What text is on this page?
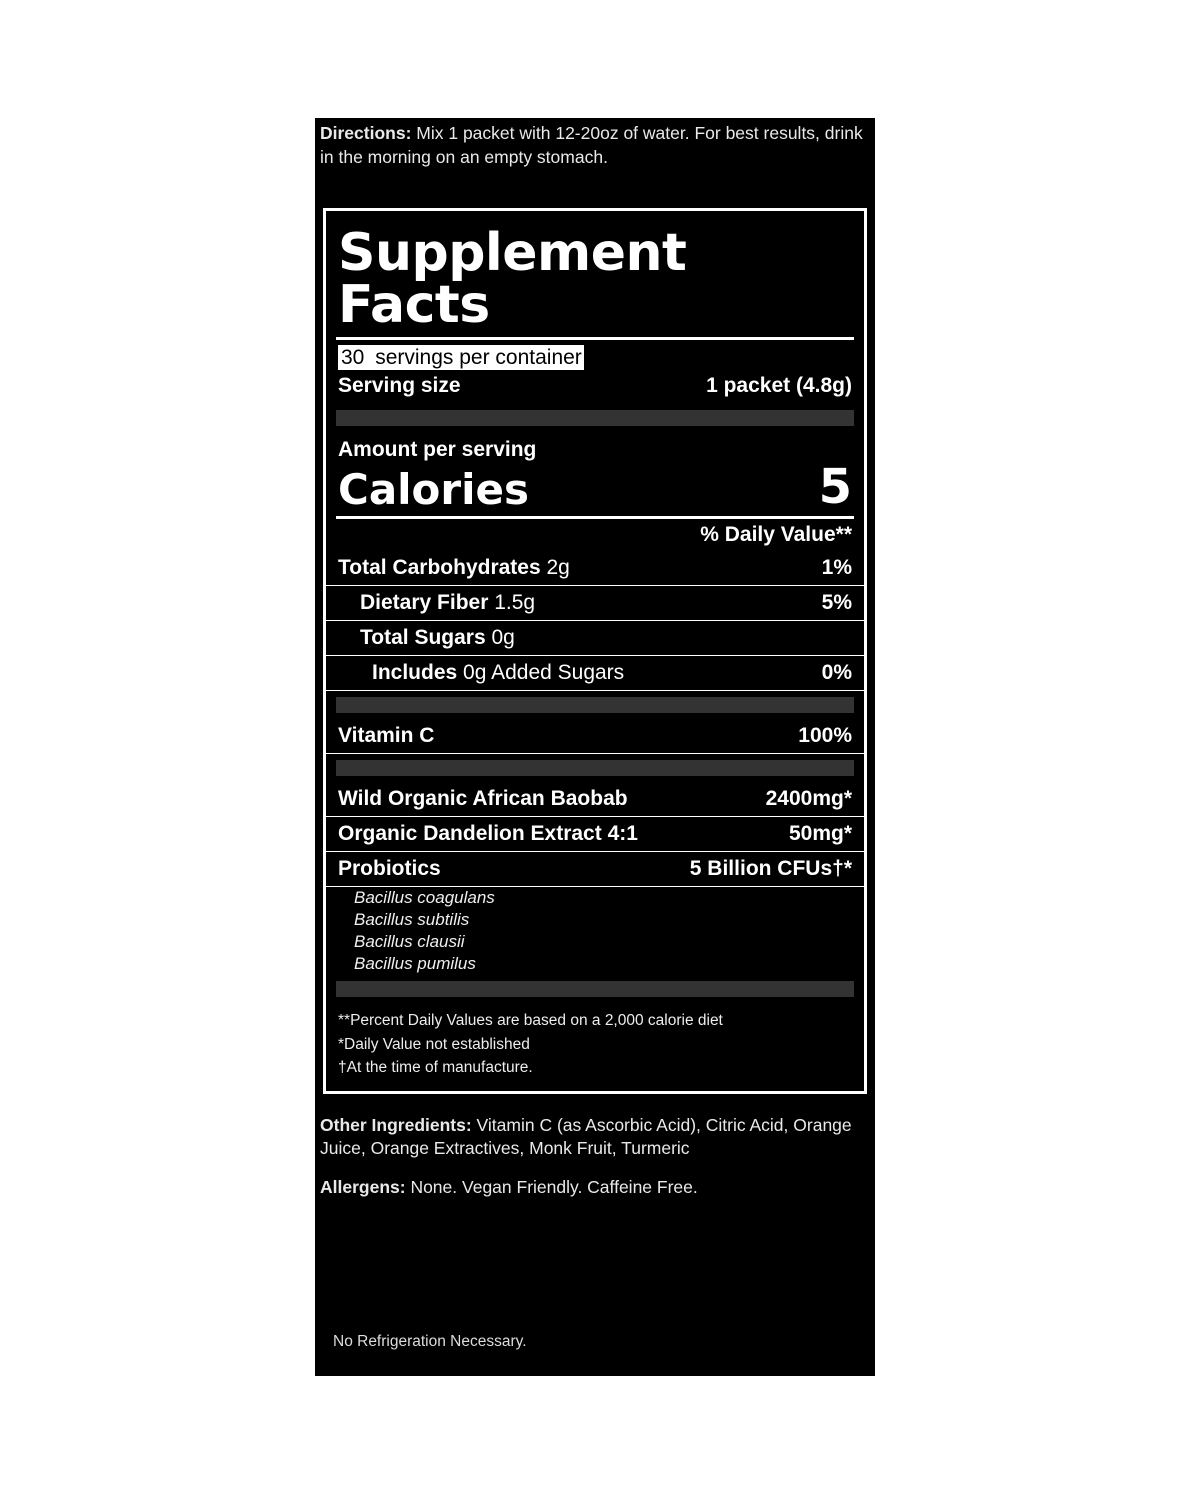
Directions: Mix 1 packet with 12-20oz of water. For best results, drink in the morning on an empty stomach.
Supplement Facts
30 servings per container
Serving size	1 packet (4.8g)
Amount per serving
Calories	5
% Daily Value**
Total Carbohydrates 2g	1%
Dietary Fiber 1.5g	5%
Total Sugars 0g
Includes 0g Added Sugars	0%
Vitamin C	100%
Wild Organic African Baobab	2400mg*
Organic Dandelion Extract 4:1	50mg*
Probiotics	5 Billion CFUs†*
Bacillus coagulans
Bacillus subtilis
Bacillus clausii
Bacillus pumilus
**Percent Daily Values are based on a 2,000 calorie diet
*Daily Value not established
†At the time of manufacture.

Other Ingredients: Vitamin C (as Ascorbic Acid), Citric Acid, Orange Juice, Orange Extractives, Monk Fruit, Turmeric

Allergens: None. Vegan Friendly. Caffeine Free.

No Refrigeration Necessary.
